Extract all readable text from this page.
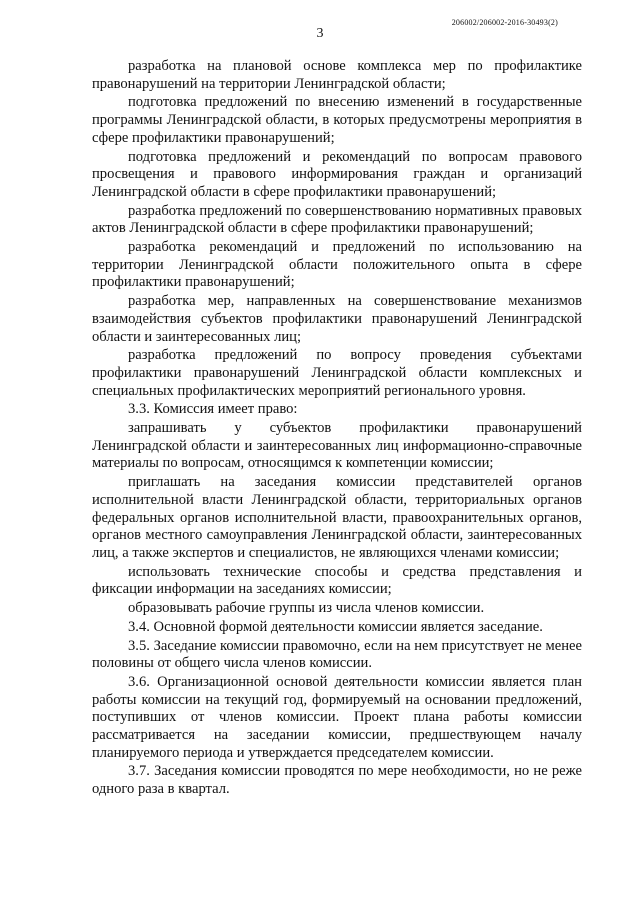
206002/206002-2016-30493(2)
3

разработка на плановой основе комплекса мер по профилактике правонарушений на территории Ленинградской области;

подготовка предложений по внесению изменений в государственные программы Ленинградской области, в которых предусмотрены мероприятия в сфере профилактики правонарушений;

подготовка предложений и рекомендаций по вопросам правового просвещения и правового информирования граждан и организаций Ленинградской области в сфере профилактики правонарушений;

разработка предложений по совершенствованию нормативных правовых актов Ленинградской области в сфере профилактики правонарушений;

разработка рекомендаций и предложений по использованию на территории Ленинградской области положительного опыта в сфере профилактики правонарушений;

разработка мер, направленных на совершенствование механизмов взаимодействия субъектов профилактики правонарушений Ленинградской области и заинтересованных лиц;

разработка предложений по вопросу проведения субъектами профилактики правонарушений Ленинградской области комплексных и специальных профилактических мероприятий регионального уровня.

3.3. Комиссия имеет право:

запрашивать у субъектов профилактики правонарушений Ленинградской области и заинтересованных лиц информационно-справочные материалы по вопросам, относящимся к компетенции комиссии;

приглашать на заседания комиссии представителей органов исполнительной власти Ленинградской области, территориальных органов федеральных органов исполнительной власти, правоохранительных органов, органов местного самоуправления Ленинградской области, заинтересованных лиц, а также экспертов и специалистов, не являющихся членами комиссии;

использовать технические способы и средства представления и фиксации информации на заседаниях комиссии;

образовывать рабочие группы из числа членов комиссии.

3.4. Основной формой деятельности комиссии является заседание.

3.5. Заседание комиссии правомочно, если на нем присутствует не менее половины от общего числа членов комиссии.

3.6. Организационной основой деятельности комиссии является план работы комиссии на текущий год, формируемый на основании предложений, поступивших от членов комиссии. Проект плана работы комиссии рассматривается на заседании комиссии, предшествующем началу планируемого периода и утверждается председателем комиссии.

3.7. Заседания комиссии проводятся по мере необходимости, но не реже одного раза в квартал.
